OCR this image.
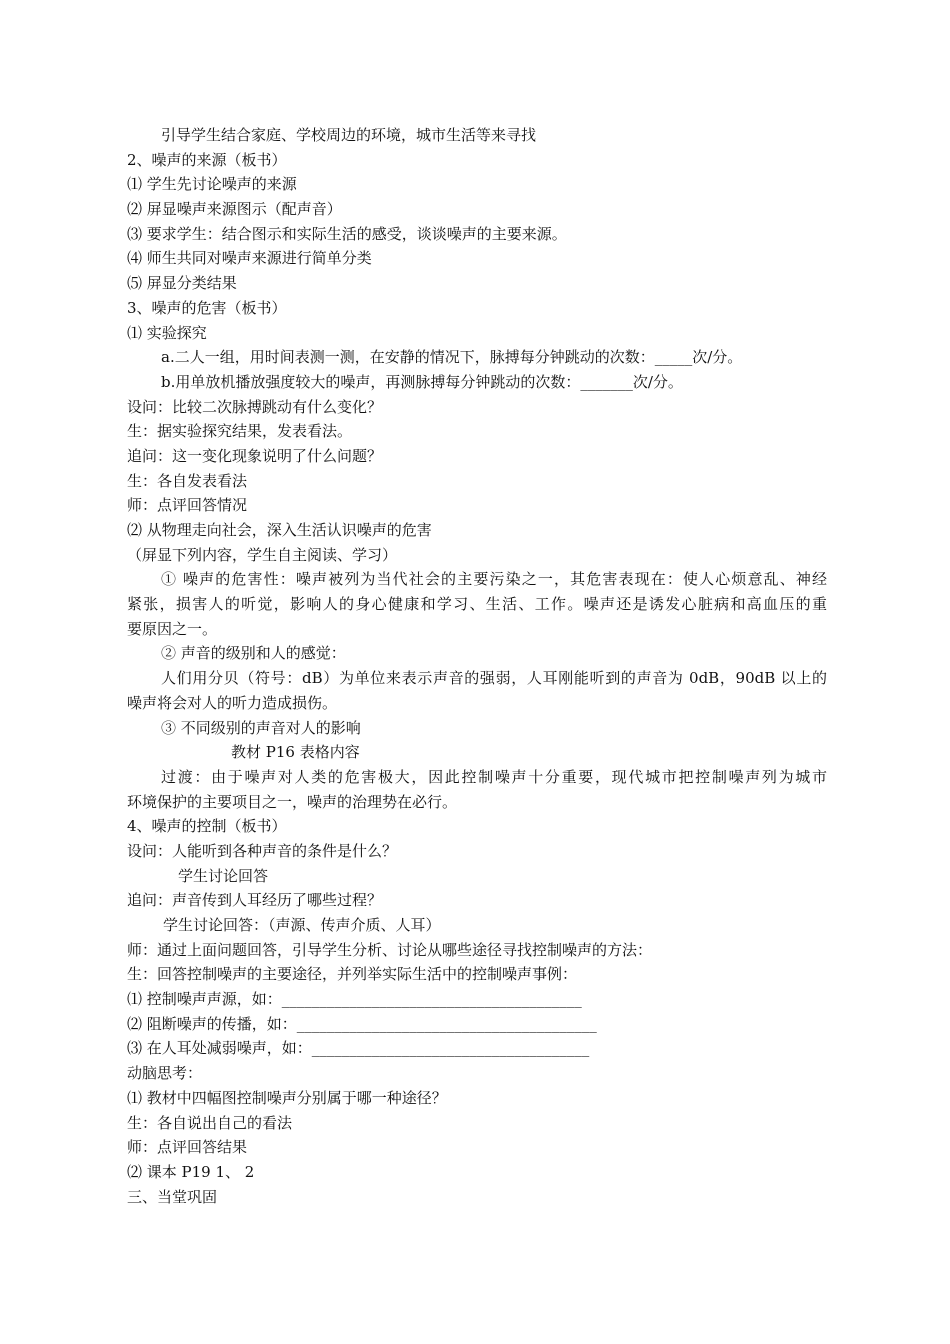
引导学生结合家庭、学校周边的环境，城市生活等来寻找
2、噪声的来源（板书）
⑴ 学生先讨论噪声的来源
⑵ 屏显噪声来源图示（配声音）
⑶ 要求学生：结合图示和实际生活的感受，谈谈噪声的主要来源。
⑷ 师生共同对噪声来源进行简单分类
⑸ 屏显分类结果
3、噪声的危害（板书）
⑴ 实验探究
a.二人一组，用时间表测一测，在安静的情况下，脉搏每分钟跳动的次数：_____次/分。
b.用单放机播放强度较大的噪声，再测脉搏每分钟跳动的次数：_______次/分。
设问：比较二次脉搏跳动有什么变化？
生：据实验探究结果，发表看法。
追问：这一变化现象说明了什么问题？
生：各自发表看法
师：点评回答情况
⑵ 从物理走向社会，深入生活认识噪声的危害
（屏显下列内容，学生自主阅读、学习）
① 噪声的危害性：噪声被列为当代社会的主要污染之一，其危害表现在：使人心烦意乱、神经
紧张，损害人的听觉，影响人的身心健康和学习、生活、工作。噪声还是诱发心脏病和高血压的重
要原因之一。
② 声音的级别和人的感觉：
人们用分贝（符号：dB）为单位来表示声音的强弱，人耳刚能听到的声音为 0dB，90dB 以上的
噪声将会对人的听力造成损伤。
③ 不同级别的声音对人的影响
教材 P16 表格内容
过渡：由于噪声对人类的危害极大，因此控制噪声十分重要，现代城市把控制噪声列为城市
环境保护的主要项目之一，噪声的治理势在必行。
4、噪声的控制（板书）
设问：人能听到各种声音的条件是什么？
学生讨论回答
追问：声音传到人耳经历了哪些过程？
学生讨论回答：（声源、传声介质、人耳）
师：通过上面问题回答，引导学生分析、讨论从哪些途径寻找控制噪声的方法：
生：回答控制噪声的主要途径，并列举实际生活中的控制噪声事例：
⑴ 控制噪声声源，如：________________________________________
⑵ 阻断噪声的传播，如：________________________________________
⑶ 在人耳处减弱噪声，如：_____________________________________
动脑思考：
⑴ 教材中四幅图控制噪声分别属于哪一种途径？
生：各自说出自己的看法
师：点评回答结果
⑵ 课本 P19 1、 2
三、当堂巩固
